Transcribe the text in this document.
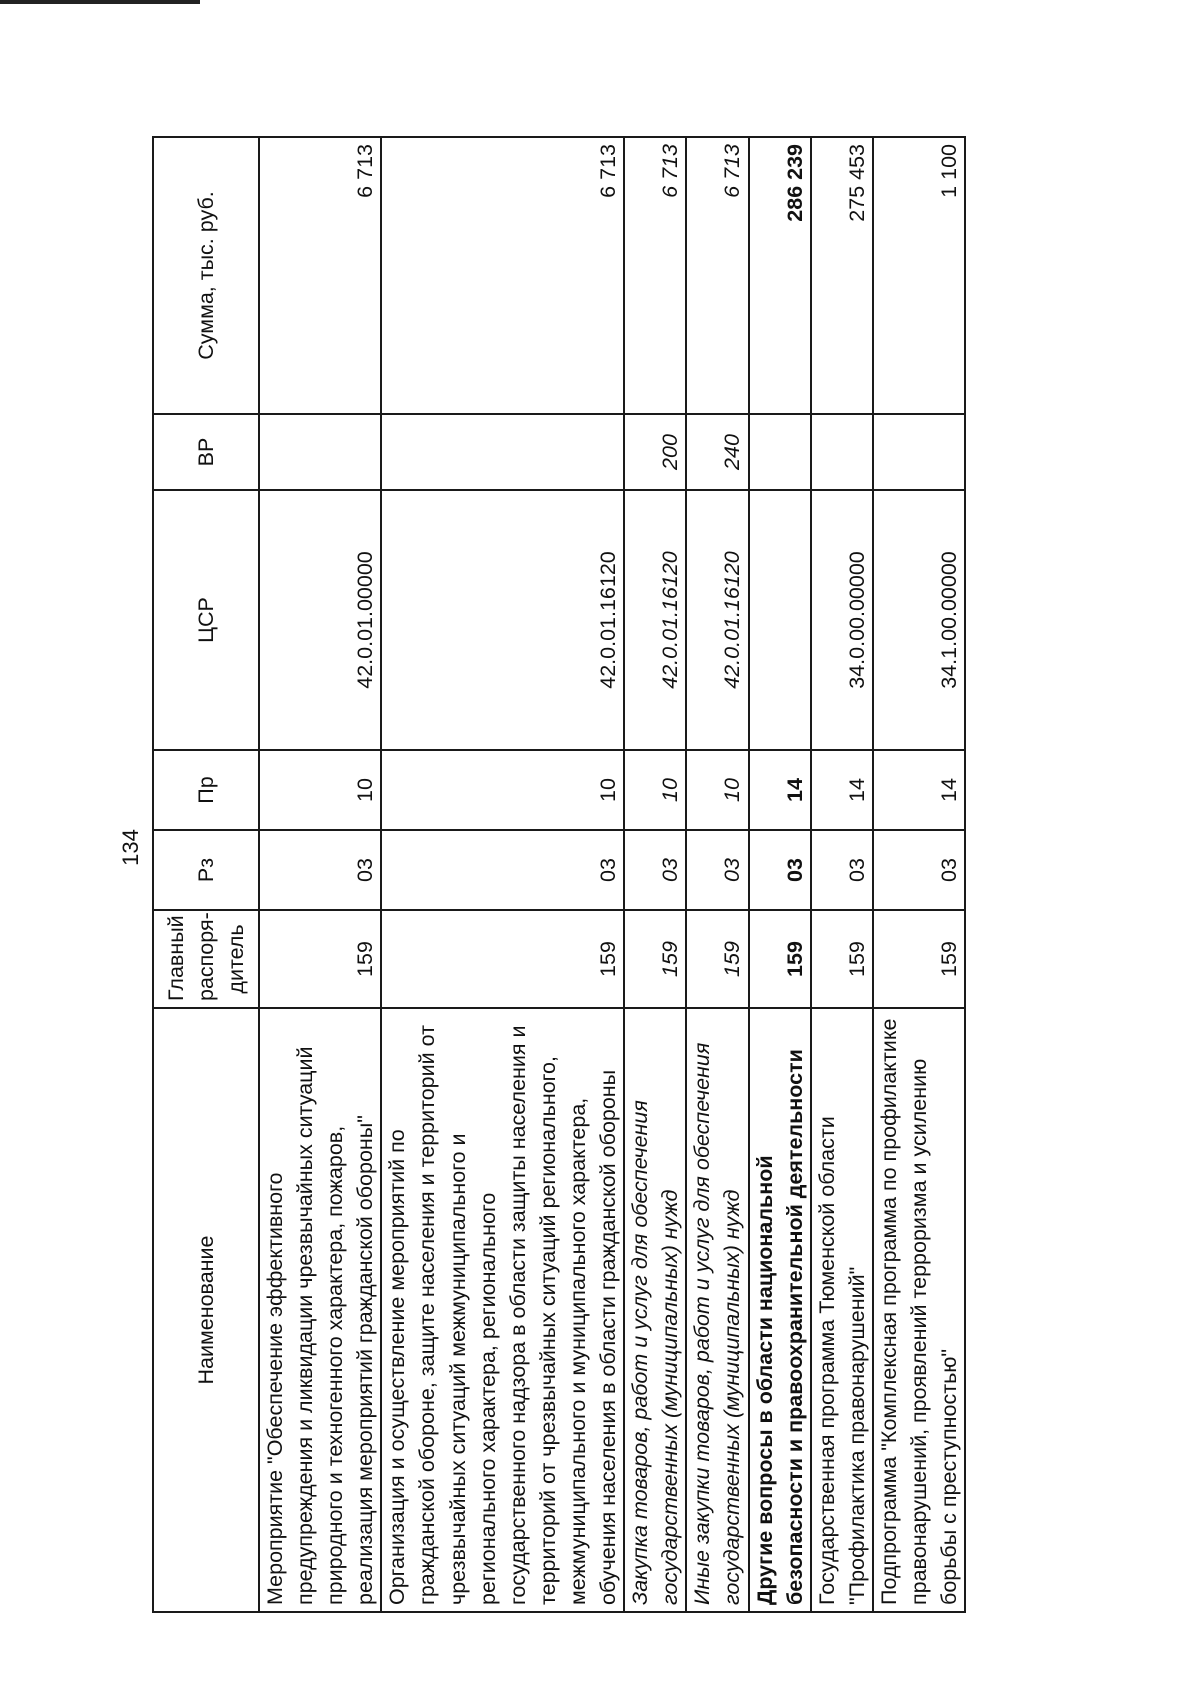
134
Наименование	Главный распоря-дитель	Рз	Пр	ЦСР	ВР	Сумма, тыс. руб.
Мероприятие "Обеспечение эффективного предупреждения и ликвидации чрезвычайных ситуаций природного и техногенного характера, пожаров, реализация мероприятий гражданской обороны"	159	03	10	42.0.01.00000		6 713
Организация и осуществление мероприятий по гражданской обороне, защите населения и территорий от чрезвычайных ситуаций межмуниципального и регионального характера, регионального государственного надзора в области защиты населения и территорий от чрезвычайных ситуаций регионального, межмуниципального и муниципального характера, обучения населения в области гражданской обороны	159	03	10	42.0.01.16120		6 713
Закупка товаров, работ и услуг для обеспечения государственных (муниципальных) нужд	159	03	10	42.0.01.16120	200	6 713
Иные закупки товаров, работ и услуг для обеспечения государственных (муниципальных) нужд	159	03	10	42.0.01.16120	240	6 713
Другие вопросы в области национальной безопасности и правоохранительной деятельности	159	03	14			286 239
Государственная программа Тюменской области "Профилактика правонарушений"	159	03	14	34.0.00.00000		275 453
Подпрограмма "Комплексная программа по профилактике правонарушений, проявлений терроризма и усилению борьбы с преступностью"	159	03	14	34.1.00.00000		1 100
